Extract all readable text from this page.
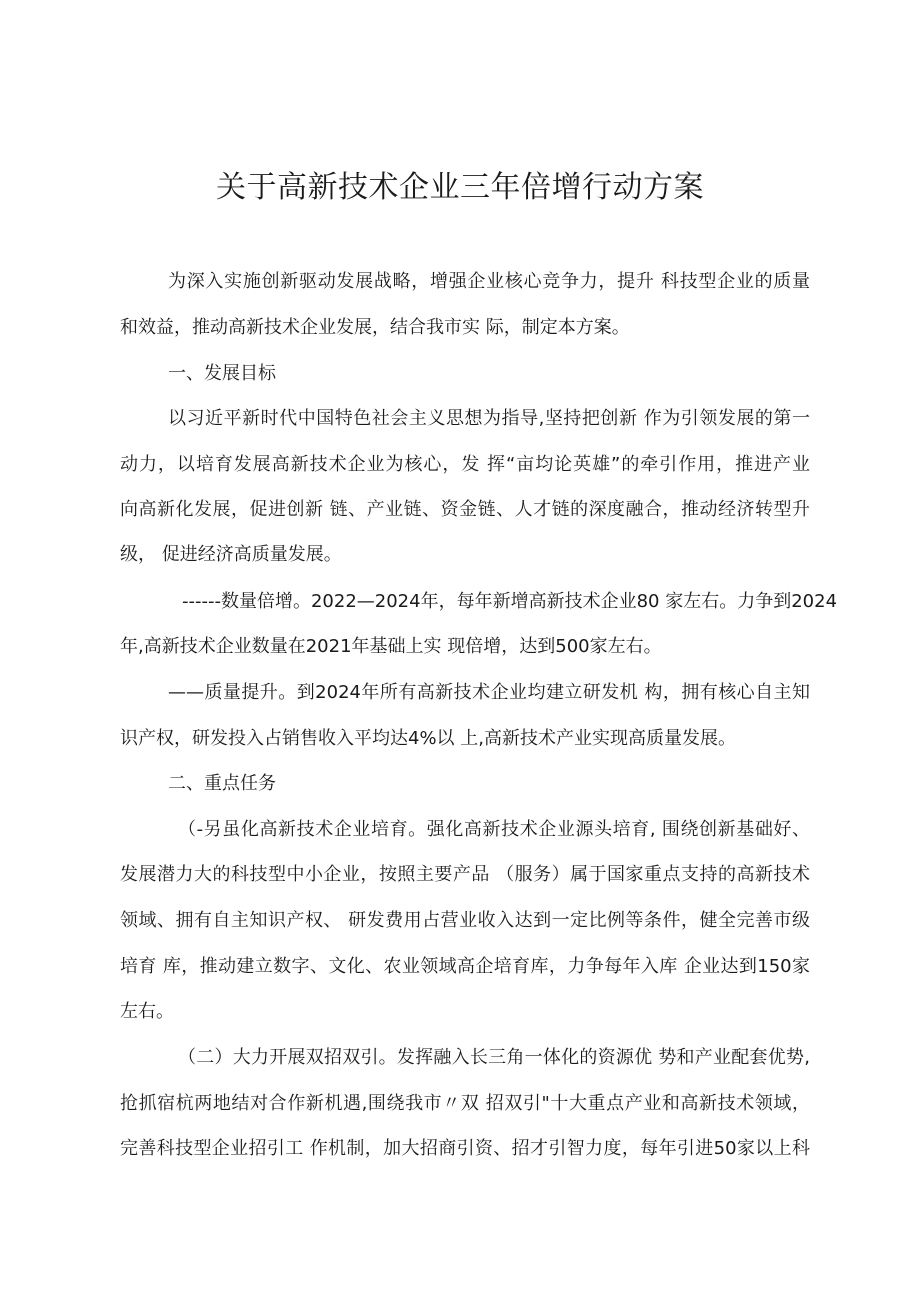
关于高新技术企业三年倍增行动方案

为深入实施创新驱动发展战略，增强企业核心竞争力，提升 科技型企业的质量

和效益，推动高新技术企业发展，结合我市实 际，制定本方案。

一、发展目标

以习近平新时代中国特色社会主义思想为指导,坚持把创新 作为引领发展的第一

动力，以培育发展高新技术企业为核心，发 挥“亩均论英雄”的牵引作用，推进产业

向高新化发展，促进创新 链、产业链、资金链、人才链的深度融合，推动经济转型升

级， 促进经济高质量发展。

------数量倍增。2022—2024年，每年新增高新技术企业80 家左右。力争到2024

年,高新技术企业数量在2021年基础上实 现倍增，达到500家左右。

——质量提升。到2024年所有高新技术企业均建立研发机 构，拥有核心自主知

识产权，研发投入占销售收入平均达4%以 上,高新技术产业实现高质量发展。

二、重点任务

（-另虽化高新技术企业培育。强化高新技术企业源头培育, 围绕创新基础好、

发展潜力大的科技型中小企业，按照主要产品 （服务）属于国家重点支持的高新技术

领域、拥有自主知识产权、 研发费用占营业收入达到一定比例等条件，健全完善市级

培育 库，推动建立数字、文化、农业领域高企培育库，力争每年入库 企业达到150家

左右。

（二）大力开展双招双引。发挥融入长三角一体化的资源优 势和产业配套优势,

抢抓宿杭两地结对合作新机遇,围绕我市〃双 招双引"十大重点产业和高新技术领域，

完善科技型企业招引工 作机制，加大招商引资、招才引智力度，每年引进50家以上科
